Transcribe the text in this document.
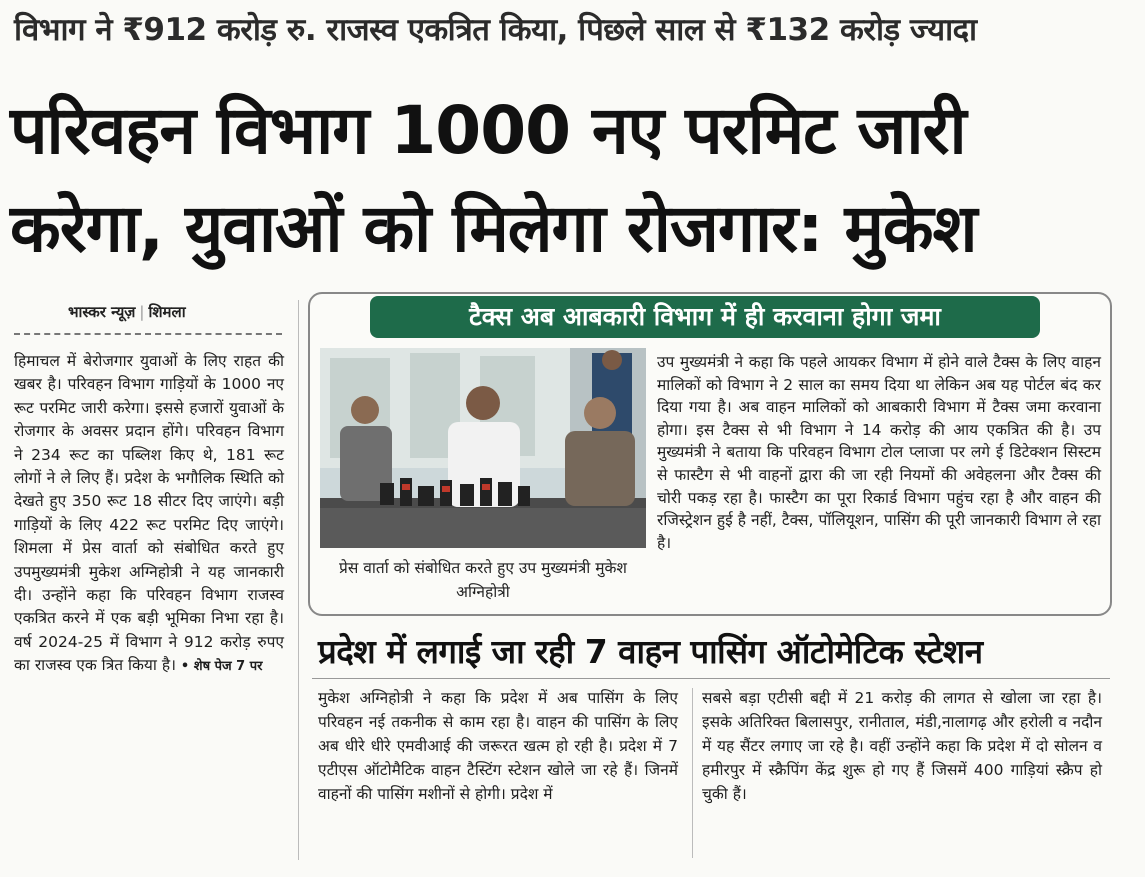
विभाग ने ₹912 करोड़ रु. राजस्व एकत्रित किया, पिछले साल से ₹132 करोड़ ज्यादा
परिवहन विभाग 1000 नए परमिट जारी
करेगा, युवाओं को मिलेगा रोजगार: मुकेश
भास्कर न्यूज़ | शिमला
हिमाचल में बेरोजगार युवाओं के लिए राहत की खबर है। परिवहन विभाग गाड़ियों के 1000 नए रूट परमिट जारी करेगा। इससे हजारों युवाओं के रोजगार के अवसर प्रदान होंगे। परिवहन विभाग ने 234 रूट का पब्लिश किए थे, 181 रूट लोगों ने ले लिए हैं। प्रदेश के भगौलिक स्थिति को देखते हुए 350 रूट 18 सीटर दिए जाएंगे। बड़ी गाड़ियों के लिए 422 रूट परमिट दिए जाएंगे। शिमला में प्रेस वार्ता को संबोधित करते हुए उपमुख्यमंत्री मुकेश अग्निहोत्री ने यह जानकारी दी। उन्होंने कहा कि परिवहन विभाग राजस्व एकत्रित करने में एक बड़ी भूमिका निभा रहा है। वर्ष 2024-25 में विभाग ने 912 करोड़ रुपए का राजस्व एक त्रित किया है। • शेष पेज 7 पर
टैक्स अब आबकारी विभाग में ही करवाना होगा जमा
प्रेस वार्ता को संबोधित करते हुए उप मुख्यमंत्री मुकेश अग्निहोत्री
उप मुख्यमंत्री ने कहा कि पहले आयकर विभाग में होने वाले टैक्स के लिए वाहन मालिकों को विभाग ने 2 साल का समय दिया था लेकिन अब यह पोर्टल बंद कर दिया गया है। अब वाहन मालिकों को आबकारी विभाग में टैक्स जमा करवाना होगा। इस टैक्स से भी विभाग ने 14 करोड़ की आय एकत्रित की है। उप मुख्यमंत्री ने बताया कि परिवहन विभाग टोल प्लाजा पर लगे ई डिटेक्शन सिस्टम से फास्टैग से भी वाहनों द्वारा की जा रही नियमों की अवेहलना और टैक्स की चोरी पकड़ रहा है। फास्टैग का पूरा रिकार्ड विभाग पहुंच रहा है और वाहन की रजिस्ट्रेशन हुई है नहीं, टैक्स, पॉलियूशन, पासिंग की पूरी जानकारी विभाग ले रहा है।
प्रदेश में लगाई जा रही 7 वाहन पासिंग ऑटोमेटिक स्टेशन
मुकेश अग्निहोत्री ने कहा कि प्रदेश में अब पासिंग के लिए परिवहन नई तकनीक से काम रहा है। वाहन की पासिंग के लिए अब धीरे धीरे एमवीआई की जरूरत खत्म हो रही है। प्रदेश में 7 एटीएस ऑटोमैटिक वाहन टैस्टिंग स्टेशन खोले जा रहे हैं। जिनमें वाहनों की पासिंग मशीनों से होगी। प्रदेश में
सबसे बड़ा एटीसी बद्दी में 21 करोड़ की लागत से खोला जा रहा है। इसके अतिरिक्त बिलासपुर, रानीताल, मंडी,नालागढ़ और हरोली व नदौन में यह सैंटर लगाए जा रहे है। वहीं उन्होंने कहा कि प्रदेश में दो सोलन व हमीरपुर में स्क्रैपिंग केंद्र शुरू हो गए हैं जिसमें 400 गाड़ियां स्क्रैप हो चुकी हैं।
